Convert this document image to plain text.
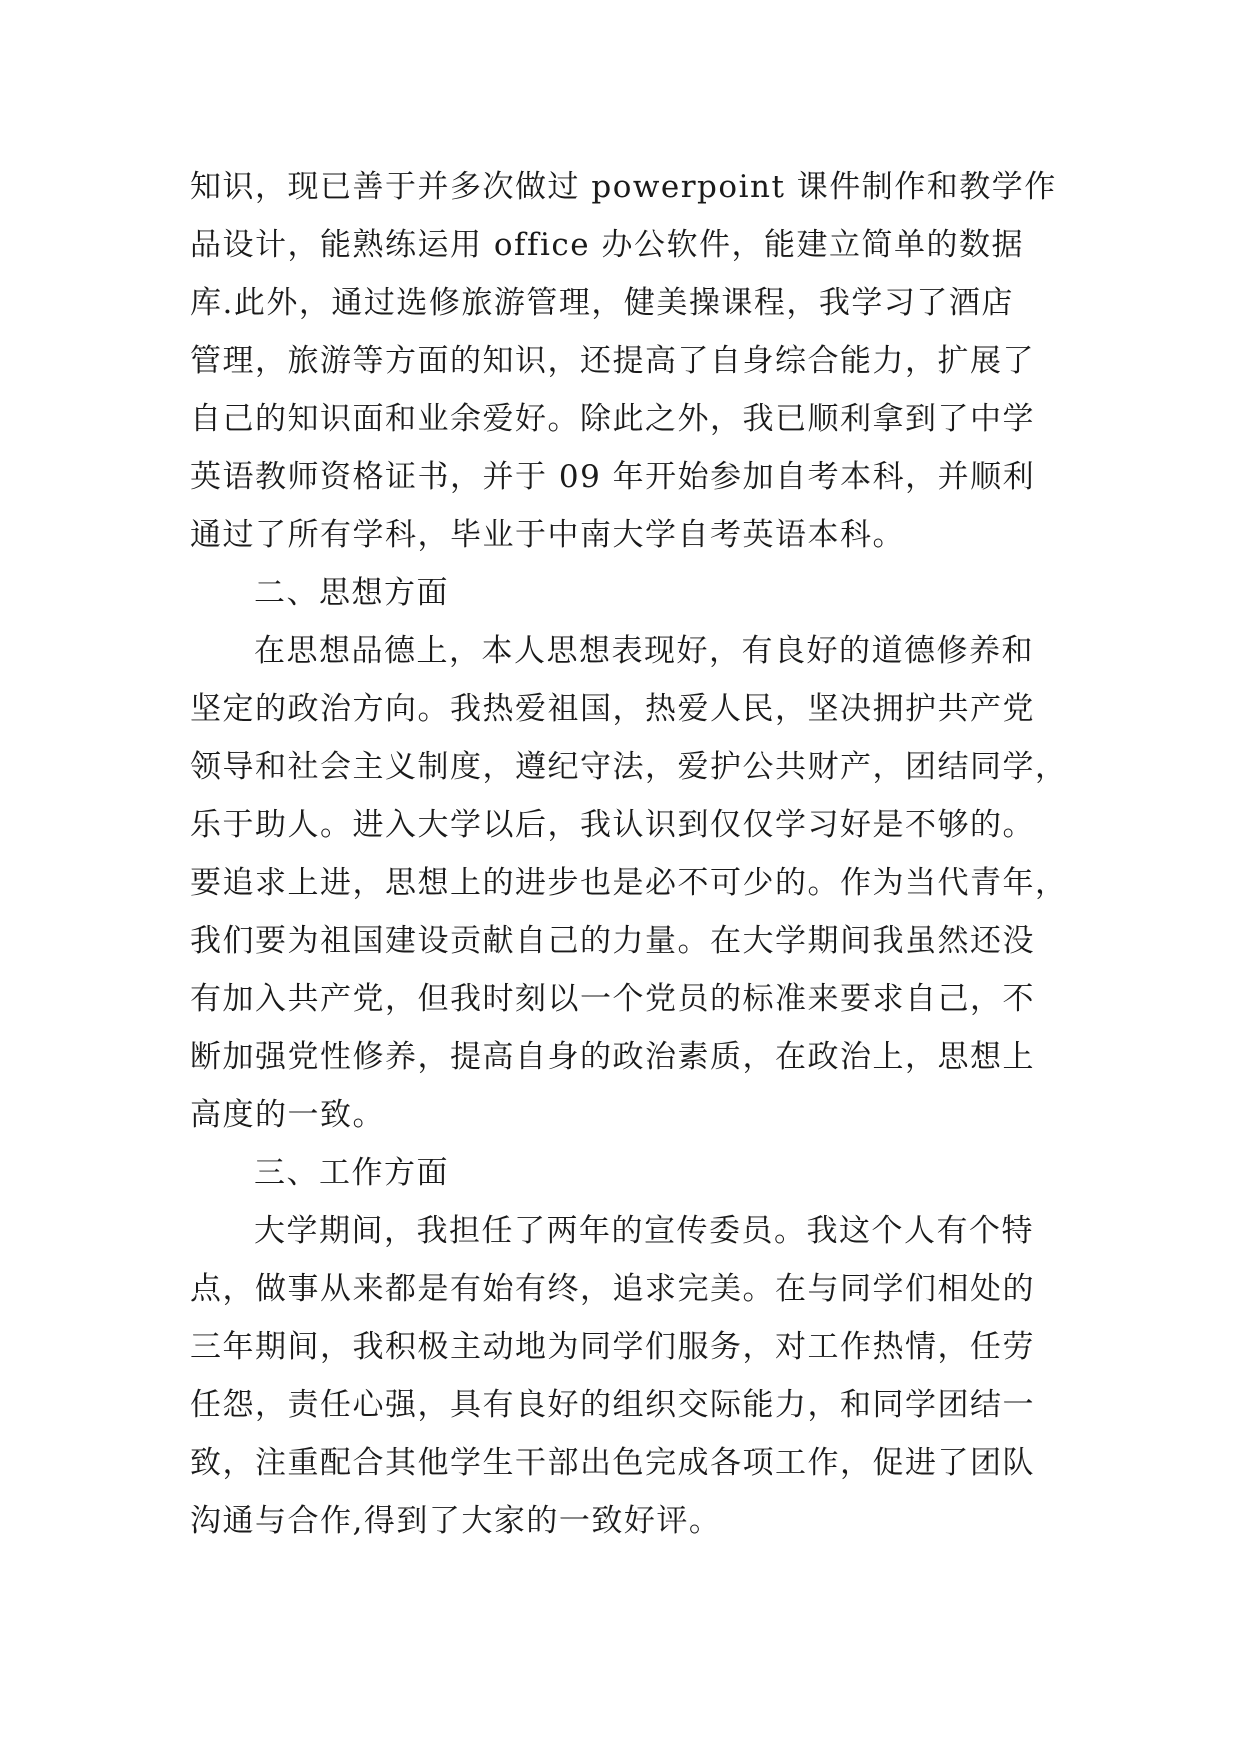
知识，现已善于并多次做过 powerpoint 课件制作和教学作
品设计，能熟练运用 office 办公软件，能建立简单的数据
库.此外，通过选修旅游管理，健美操课程，我学习了酒店
管理，旅游等方面的知识，还提高了自身综合能力，扩展了
自己的知识面和业余爱好。除此之外，我已顺利拿到了中学
英语教师资格证书，并于 09 年开始参加自考本科，并顺利
通过了所有学科，毕业于中南大学自考英语本科。
二、思想方面
在思想品德上，本人思想表现好，有良好的道德修养和
坚定的政治方向。我热爱祖国，热爱人民，坚决拥护共产党
领导和社会主义制度，遵纪守法，爱护公共财产，团结同学，
乐于助人。进入大学以后，我认识到仅仅学习好是不够的。
要追求上进，思想上的进步也是必不可少的。作为当代青年，
我们要为祖国建设贡献自己的力量。在大学期间我虽然还没
有加入共产党，但我时刻以一个党员的标准来要求自己，不
断加强党性修养，提高自身的政治素质，在政治上，思想上
高度的一致。
三、工作方面
大学期间，我担任了两年的宣传委员。我这个人有个特
点，做事从来都是有始有终，追求完美。在与同学们相处的
三年期间，我积极主动地为同学们服务，对工作热情，任劳
任怨，责任心强，具有良好的组织交际能力，和同学团结一
致，注重配合其他学生干部出色完成各项工作，促进了团队
沟通与合作,得到了大家的一致好评。
